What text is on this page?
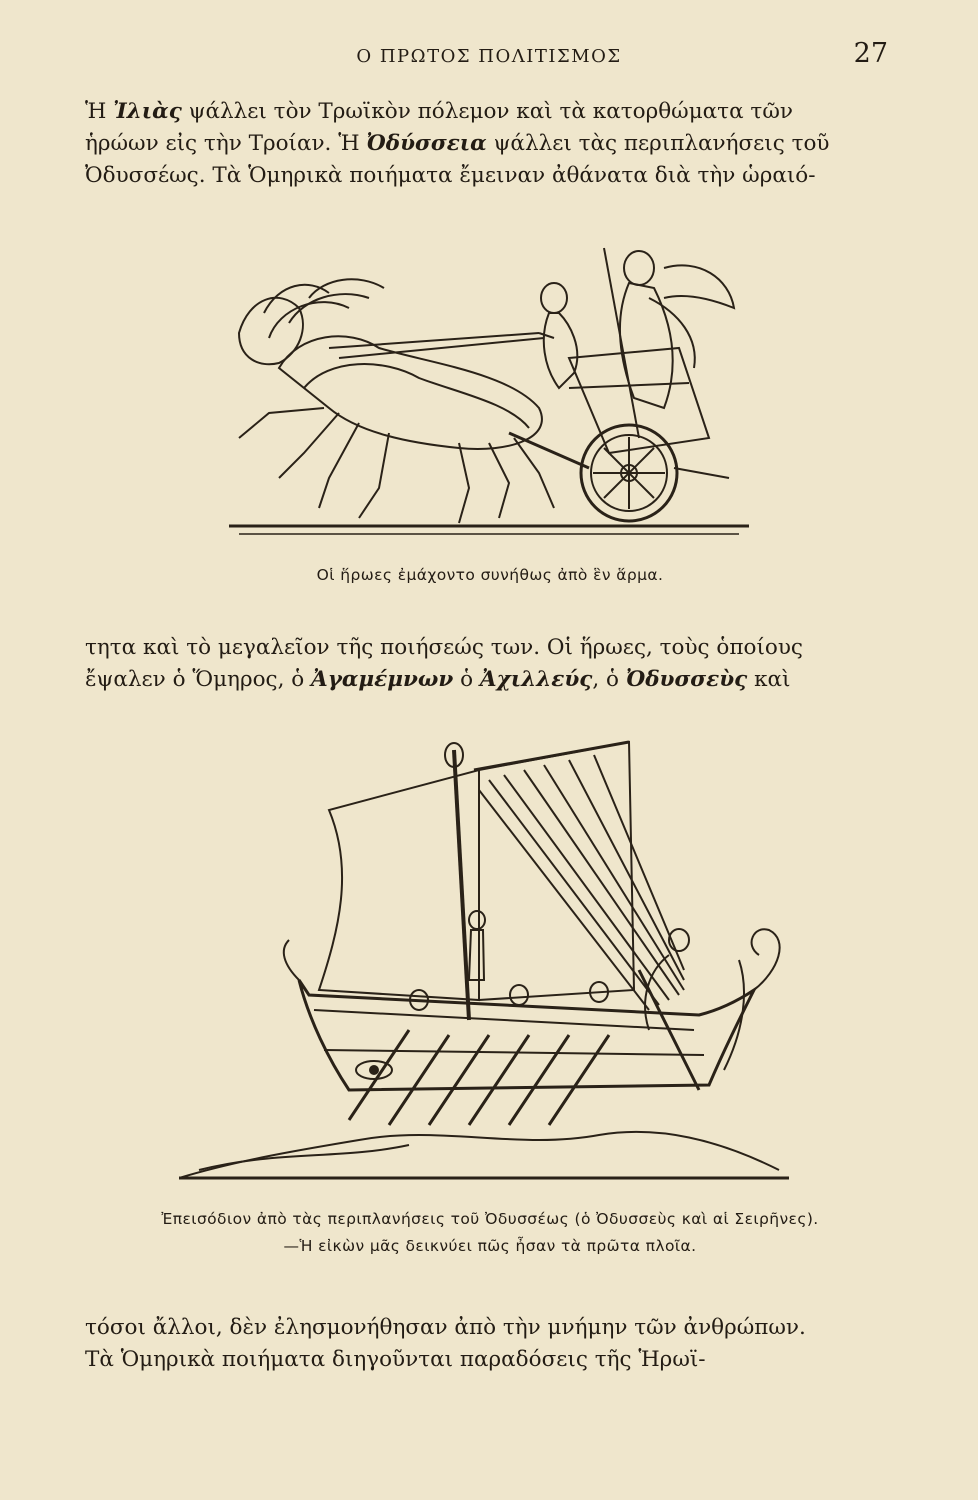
Ο ΠΡΩΤΟΣ ΠΟΛΙΤΙΣΜΟΣ	27

Ἡ Ἰλιὰς ψάλλει τὸν Τρωϊκὸν πόλεμον καὶ τὰ κατορθώματα τῶν

ἡρώων εἰς τὴν Τροίαν. Ἡ Ὀδύσσεια ψάλλει τὰς περιπλανήσεις τοῦ

Ὀδυσσέως. Τὰ Ὁμηρικὰ ποιήματα ἔμειναν ἀθάνατα διὰ τὴν ὡραιό-

Οἱ ἥρωες ἐμάχοντο συνήθως ἀπὸ ἓν ἅρμα.

τητα καὶ τὸ μεγαλεῖον τῆς ποιήσεώς των. Οἱ ἥρωες, τοὺς ὁποίους

ἔψαλεν ὁ Ὅμηρος, ὁ Ἀγαμέμνων ὁ Ἀχιλλεύς, ὁ Ὀδυσσεὺς καὶ

Ἐπεισόδιον ἀπὸ τὰς περιπλανήσεις τοῦ Ὀδυσσέως (ὁ Ὀδυσσεὺς καὶ αἱ Σειρῆνες).
—Ἡ εἰκὼν μᾶς δεικνύει πῶς ἦσαν τὰ πρῶτα πλοῖα.

τόσοι ἄλλοι, δὲν ἐλησμονήθησαν ἀπὸ τὴν μνήμην τῶν ἀνθρώπων.

Τὰ Ὁμηρικὰ ποιήματα διηγοῦνται παραδόσεις τῆς Ἡρωϊ-
